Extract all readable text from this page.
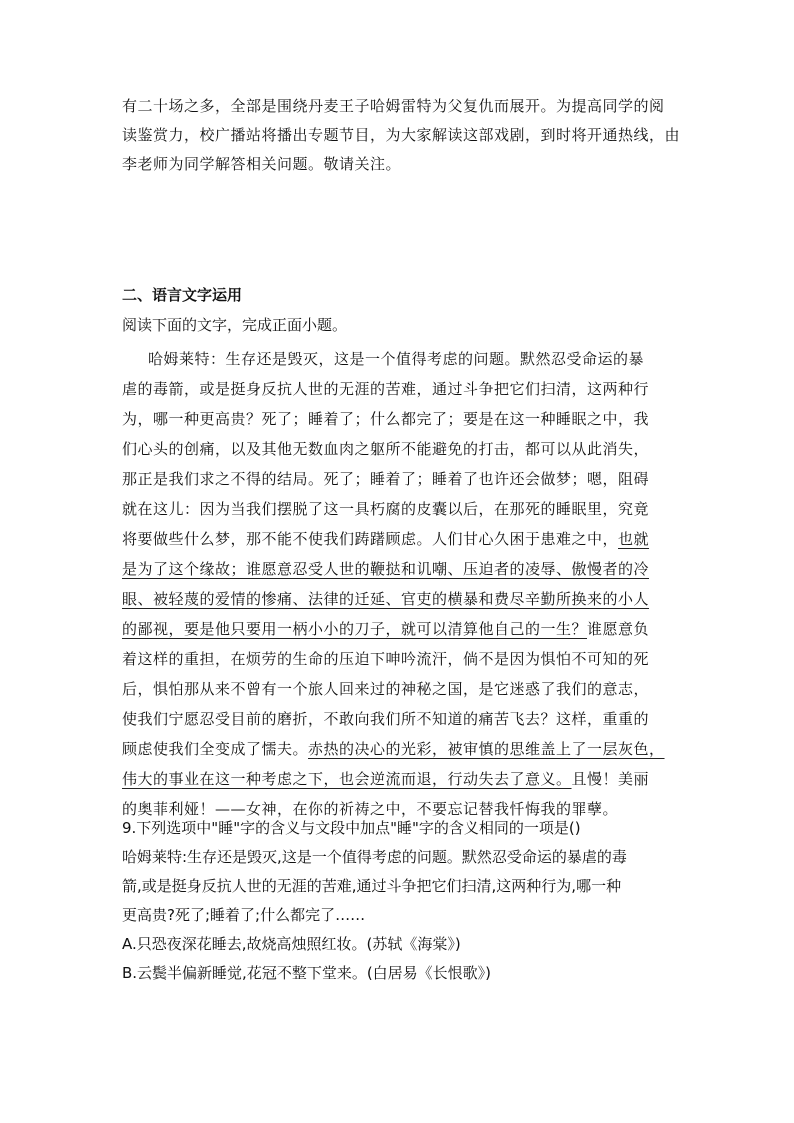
有二十场之多，全部是围绕丹麦王子哈姆雷特为父复仇而展开。为提高同学的阅

读鉴赏力，校广播站将播出专题节目，为大家解读这部戏剧，到时将开通热线，由

李老师为同学解答相关问题。敬请关注。

二、语言文字运用

阅读下面的文字，完成正面小题。

哈姆莱特：生存还是毁灭，这是一个值得考虑的问题。默然忍受命运的暴
虐的毒箭，或是挺身反抗人世的无涯的苦难，通过斗争把它们扫清，这两种行
为，哪一种更高贵？死了；睡着了；什么都完了；要是在这一种睡眠之中，我
们心头的创痛，以及其他无数血肉之躯所不能避免的打击，都可以从此消失，
那正是我们求之不得的结局。死了；睡着了；睡着了也许还会做梦；嗯，阻碍
就在这儿：因为当我们摆脱了这一具朽腐的皮囊以后，在那死的睡眠里，究竟
将要做些什么梦，那不能不使我们踌躇顾虑。人们甘心久困于患难之中，也就
是为了这个缘故；谁愿意忍受人世的鞭挞和讥嘲、压迫者的凌辱、傲慢者的冷
眼、被轻蔑的爱情的惨痛、法律的迁延、官吏的横暴和费尽辛勤所换来的小人
的鄙视，要是他只要用一柄小小的刀子，就可以清算他自己的一生？谁愿意负
着这样的重担，在烦劳的生命的压迫下呻吟流汗，倘不是因为惧怕不可知的死
后，惧怕那从来不曾有一个旅人回来过的神秘之国，是它迷惑了我们的意志，
使我们宁愿忍受目前的磨折，不敢向我们所不知道的痛苦飞去？这样，重重的
顾虑使我们全变成了懦夫。赤热的决心的光彩，被审慎的思维盖上了一层灰色，
伟大的事业在这一种考虑之下，也会逆流而退，行动失去了意义。且慢！美丽
的奥菲利娅！——女神，在你的祈祷之中，不要忘记替我忏悔我的罪孽。
9.下列选项中"睡"字的含义与文段中加点"睡"字的含义相同的一项是()
哈姆莱特:生存还是毁灭,这是一个值得考虑的问题。默然忍受命运的暴虐的毒
箭,或是挺身反抗人世的无涯的苦难,通过斗争把它们扫清,这两种行为,哪一种
更高贵?死了;睡着了;什么都完了……
A.只恐夜深花睡去,故烧高烛照红妆。(苏轼《海棠》)
B.云鬓半偏新睡觉,花冠不整下堂来。(白居易《长恨歌》)
